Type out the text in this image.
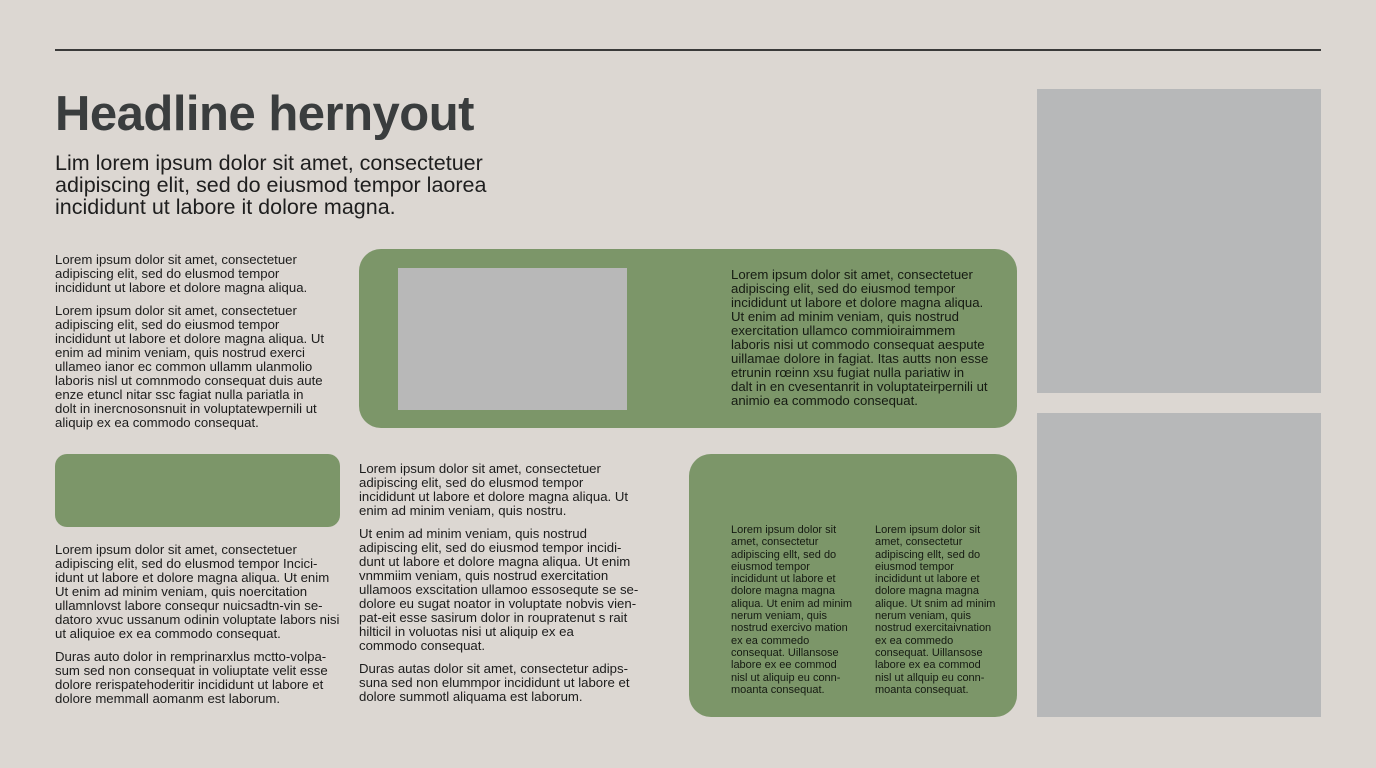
Headline hernyout
Lim lorem ipsum dolor sit amet, consectetuer
adipiscing elit, sed do eiusmod tempor laorea
incididunt ut labore it dolore magna.
Lorem ipsum dolor sit amet, consectetuer
adipiscing elit, sed do elusmod tempor
incididunt ut labore et dolore magna aliqua.
Lorem ipsum dolor sit amet, consectetuer
adipiscing elit, sed do eiusmod tempor
incididunt ut labore et dolore magna aliqua. Ut
enim ad minim veniam, quis nostrud exerci
ullameo ianor ec common ullamm ulanmolio
laboris nisl ut comnmodo consequat duis aute
enze etuncl nitar ssc fagiat nulla pariatla in
dolt in inercnosonsnuit in voluptatewpernili ut
aliquip ex ea commodo consequat.
Lorem ipsum dolor sit amet, consectetuer
adipiscing elit, sed do eiusmod tempor
incididunt ut labore et dolore magna aliqua.
Ut enim ad minim veniam, quis nostrud
exercitation ullamco commioiraimmem
laboris nisi ut commodo consequat aespute
uillamae dolore in fagiat. Itas autts non esse
etrunin rœinn xsu fugiat nulla pariatiw in
dalt in en cvesentanrit in voluptateirpernili ut
animio ea commodo consequat.
Lorem ipsum dolor sit amet, consectetuer
adipiscing elit, sed do elusmod tempor Incici-
idunt ut labore et dolore magna aliqua. Ut enim
Ut enim ad minim veniam, quis noercitation
ullamnlovst labore consequr nuicsadtn-vin se-
datoro xvuc ussanum odinin voluptate labors nisi
ut aliquioe ex ea commodo consequat.
Duras auto dolor in remprinarxlus mctto-volpa-
sum sed non consequat in voliuptate velit esse
dolore rerispatehoderitir incididunt ut labore et
dolore memmall aomanm est laborum.
Lorem ipsum dolor sit amet, consectetuer
adipiscing elit, sed do elusmod tempor
incididunt ut labore et dolore magna aliqua. Ut
enim ad minim veniam, quis nostru.
Ut enim ad minim veniam, quis nostrud
adipiscing elit, sed do eiusmod tempor incidi-
dunt ut labore et dolore magna aliqua. Ut enim
vnmmiim veniam, quis nostrud exercitation
ullamoos exscitation ullamoo essosequte se se-
dolore eu sugat noator in voluptate nobvis vien-
pat-eit esse sasirum dolor in roupratenut s rait
hilticil in voluotas nisi ut aliquip ex ea
commodo consequat.
Duras autas dolor sit amet, consectetur adips-
suna sed non elummpor incididunt ut labore et
dolore summotl aliquama est laborum.
Lorem ipsum dolor sit
amet, consectetur
adipiscing ellt, sed do
eiusmod tempor
incididunt ut labore et
dolore magna magna
aliqua. Ut enim ad minim
nerum veniam, quis
nostrud exercivo mation
ex ea commedo
consequat. Uillansose
labore ex ee commod
nisl ut aliquip eu conn-
moanta consequat.
Lorem ipsum dolor sit
amet, consectetur
adipiscing ellt, sed do
eiusmod tempor
incididunt ut labore et
dolore magna magna
alique. Ut snim ad minim
nerum veniam, quis
nostrud exercitaivnation
ex ea commedo
consequat. Uillansose
labore ex ea commod
nisl ut allquip eu conn-
moanta consequat.
